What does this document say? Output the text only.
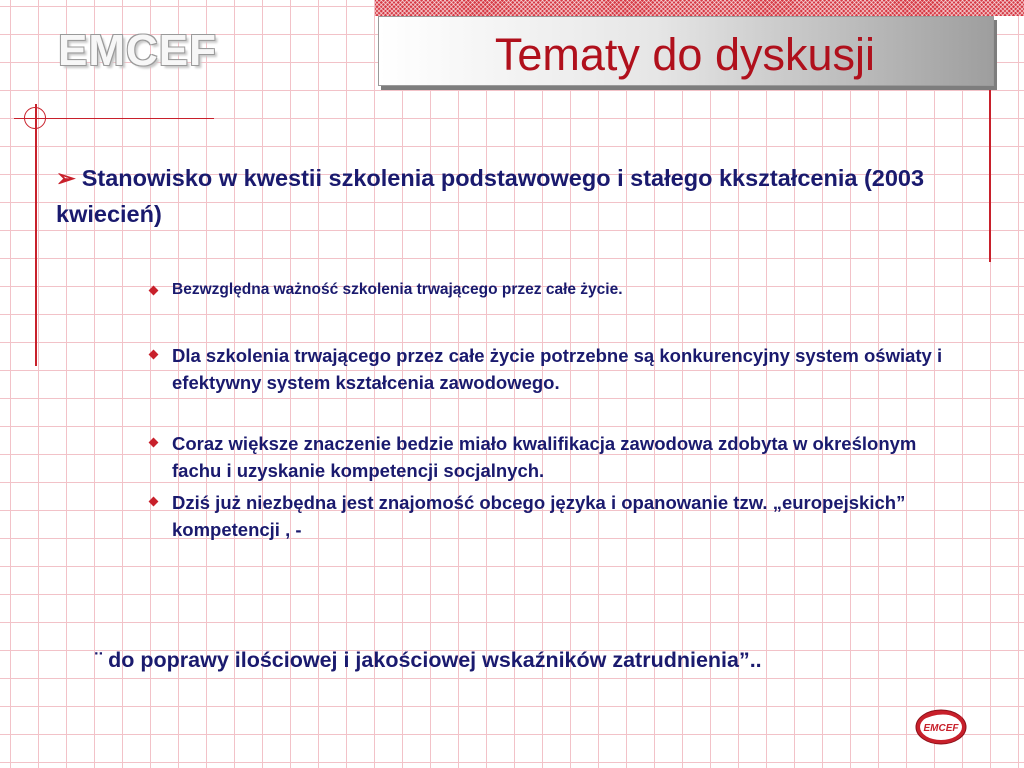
EMCEF	Tematy do dyskusji
➢ Stanowisko w kwestii szkolenia podstawowego i stałego kkształcenia (2003 kwiecień)
Bezwzględna ważność szkolenia trwającego przez całe życie.
Dla szkolenia trwającego przez całe życie potrzebne są konkurencyjny system oświaty i efektywny system kształcenia zawodowego.
Coraz większe znaczenie bedzie miało kwalifikacja zawodowa zdobyta w określonym fachu i uzyskanie kompetencji socjalnych.
Dziś już niezbędna jest znajomość obcego języka i opanowanie tzw. „europejskich” kompetencji , -
¨ do poprawy ilościowej i jakościowej wskaźników zatrudnienia”..
EMCEF
